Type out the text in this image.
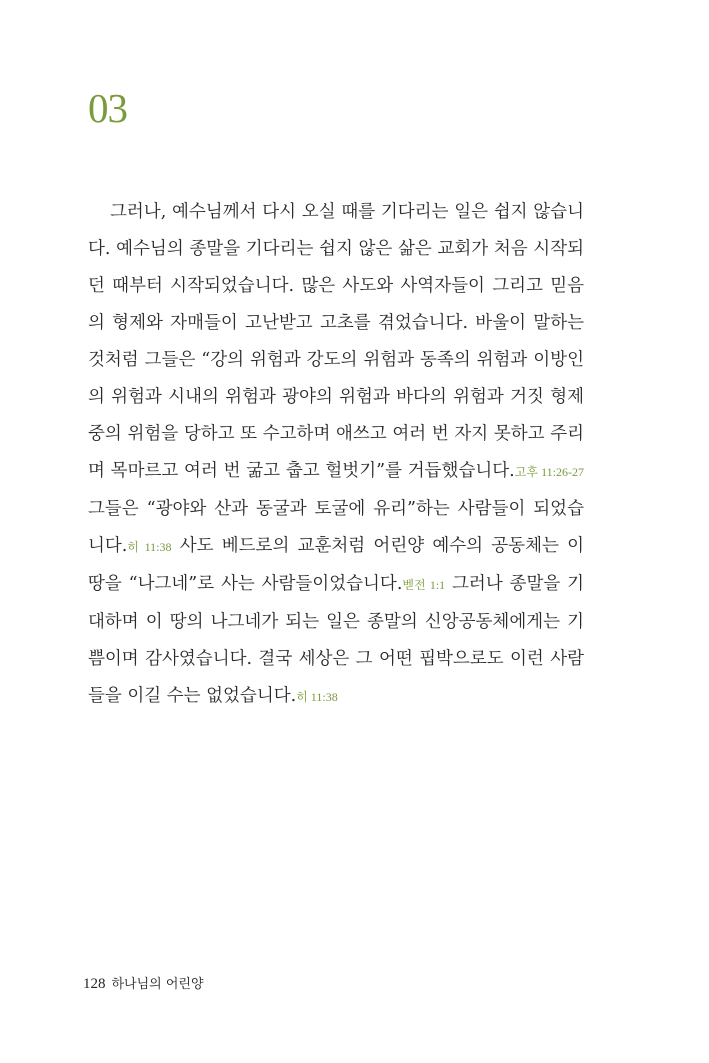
03

그러나, 예수님께서 다시 오실 때를 기다리는 일은 쉽지 않습니다. 예수님의 종말을 기다리는 쉽지 않은 삶은 교회가 처음 시작되던 때부터 시작되었습니다. 많은 사도와 사역자들이 그리고 믿음의 형제와 자매들이 고난받고 고초를 겪었습니다. 바울이 말하는 것처럼 그들은 “강의 위험과 강도의 위험과 동족의 위험과 이방인의 위험과 시내의 위험과 광야의 위험과 바다의 위험과 거짓 형제 중의 위험을 당하고 또 수고하며 애쓰고 여러 번 자지 못하고 주리며 목마르고 여러 번 굶고 춥고 헐벗기”를 거듭했습니다.고후 11:26-27 그들은 “광야와 산과 동굴과 토굴에 유리”하는 사람들이 되었습니다.히 11:38 사도 베드로의 교훈처럼 어린양 예수의 공동체는 이 땅을 “나그네”로 사는 사람들이었습니다.벧전 1:1 그러나 종말을 기대하며 이 땅의 나그네가 되는 일은 종말의 신앙공동체에게는 기쁨이며 감사였습니다. 결국 세상은 그 어떤 핍박으로도 이런 사람들을 이길 수는 없었습니다.히 11:38

128 하나님의 어린양
